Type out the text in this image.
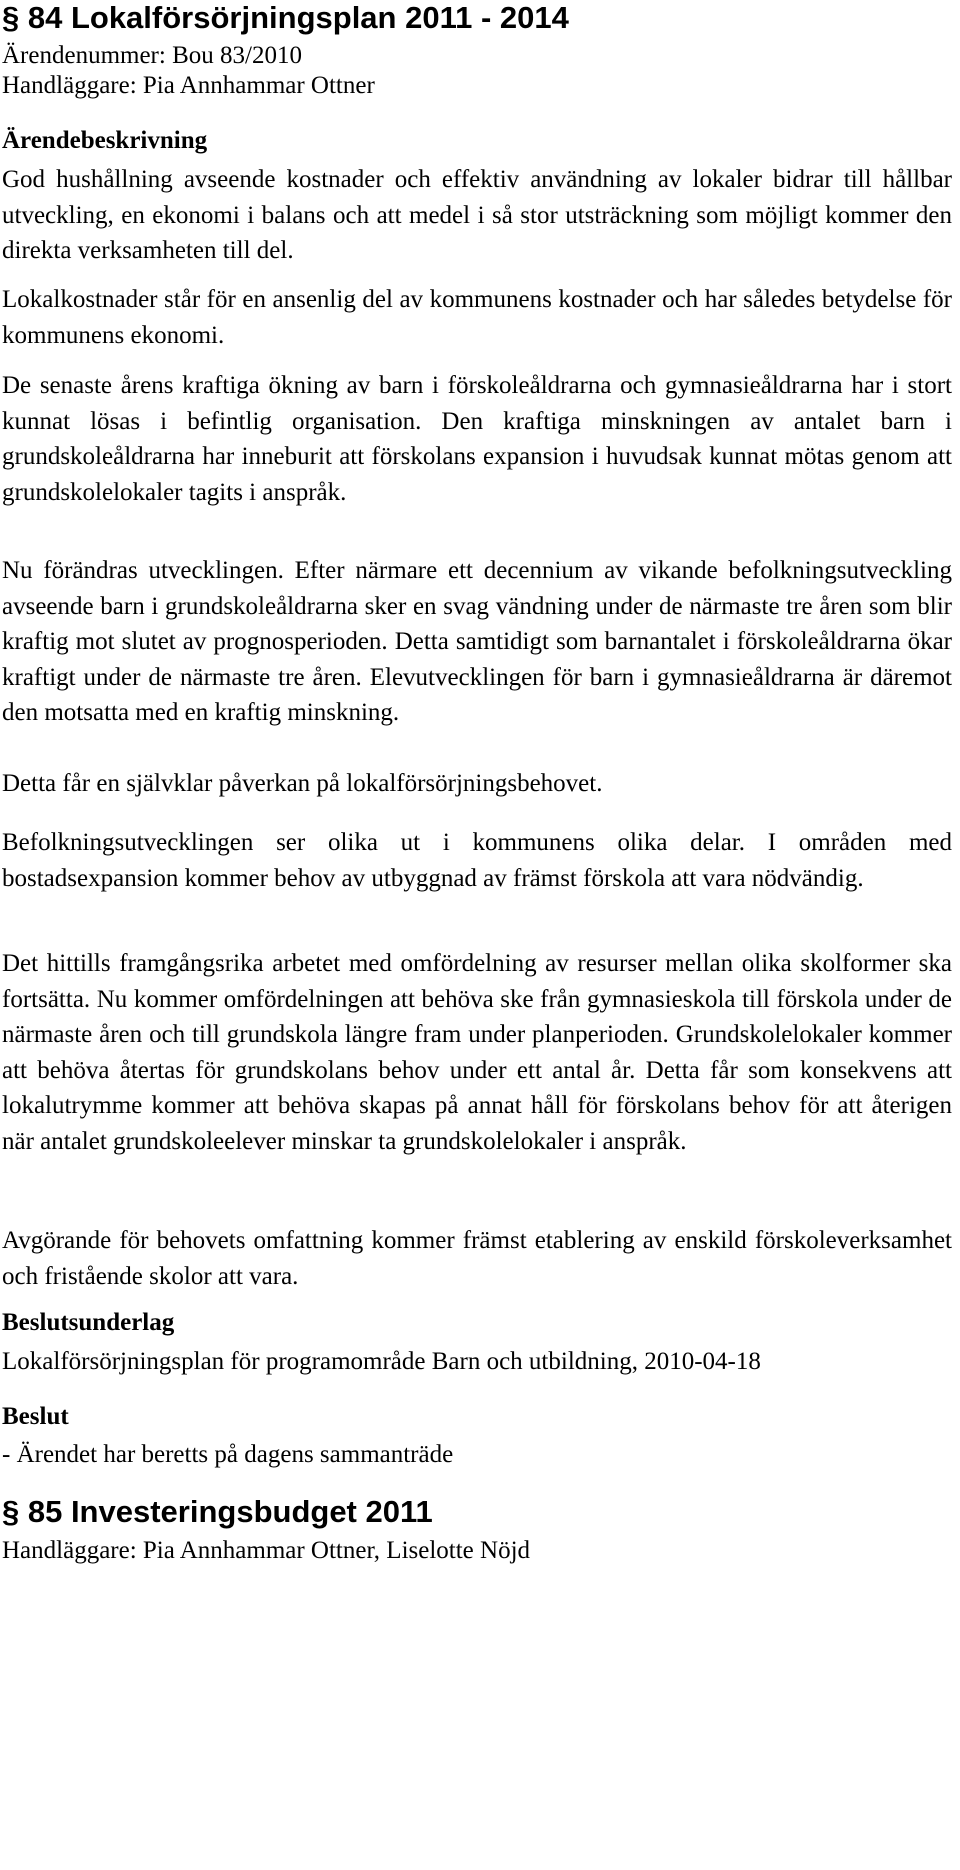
§ 84 Lokalförsörjningsplan 2011 - 2014

Ärendenummer: Bou 83/2010

Handläggare: Pia Annhammar Ottner

Ärendebeskrivning

God hushållning avseende kostnader och effektiv användning av lokaler bidrar till hållbar utveckling, en ekonomi i balans och att medel i så stor utsträckning som möjligt kommer den direkta verksamheten till del.

Lokalkostnader står för en ansenlig del av kommunens kostnader och har således betydelse för kommunens ekonomi.

De senaste årens kraftiga ökning av barn i förskoleåldrarna och gymnasieåldrarna har i stort kunnat lösas i befintlig organisation. Den kraftiga minskningen av antalet barn i grundskoleåldrarna har inneburit att förskolans expansion i huvudsak kunnat mötas genom att grundskolelokaler tagits i anspråk.

Nu förändras utvecklingen. Efter närmare ett decennium av vikande befolkningsutveckling avseende barn i grundskoleåldrarna sker en svag vändning under de närmaste tre åren som blir kraftig mot slutet av prognosperioden. Detta samtidigt som barnantalet i förskoleåldrarna ökar kraftigt under de närmaste tre åren. Elevutvecklingen för barn i gymnasieåldrarna är däremot den motsatta med en kraftig minskning.

Detta får en självklar påverkan på lokalförsörjningsbehovet.

Befolkningsutvecklingen ser olika ut i kommunens olika delar. I områden med bostadsexpansion kommer behov av utbyggnad av främst förskola att vara nödvändig.

Det hittills framgångsrika arbetet med omfördelning av resurser mellan olika skolformer ska fortsätta. Nu kommer omfördelningen att behöva ske från gymnasieskola till förskola under de närmaste åren och till grundskola längre fram under planperioden. Grundskolelokaler kommer att behöva återtas för grundskolans behov under ett antal år. Detta får som konsekvens att lokalutrymme kommer att behöva skapas på annat håll för förskolans behov för att återigen när antalet grundskoleelever minskar ta grundskolelokaler i anspråk.

Avgörande för behovets omfattning kommer främst etablering av enskild förskoleverksamhet och fristående skolor att vara.

Beslutsunderlag

Lokalförsörjningsplan för programområde Barn och utbildning, 2010-04-18

Beslut

- Ärendet har beretts på dagens sammanträde

§ 85 Investeringsbudget 2011

Handläggare: Pia Annhammar Ottner, Liselotte Nöjd
